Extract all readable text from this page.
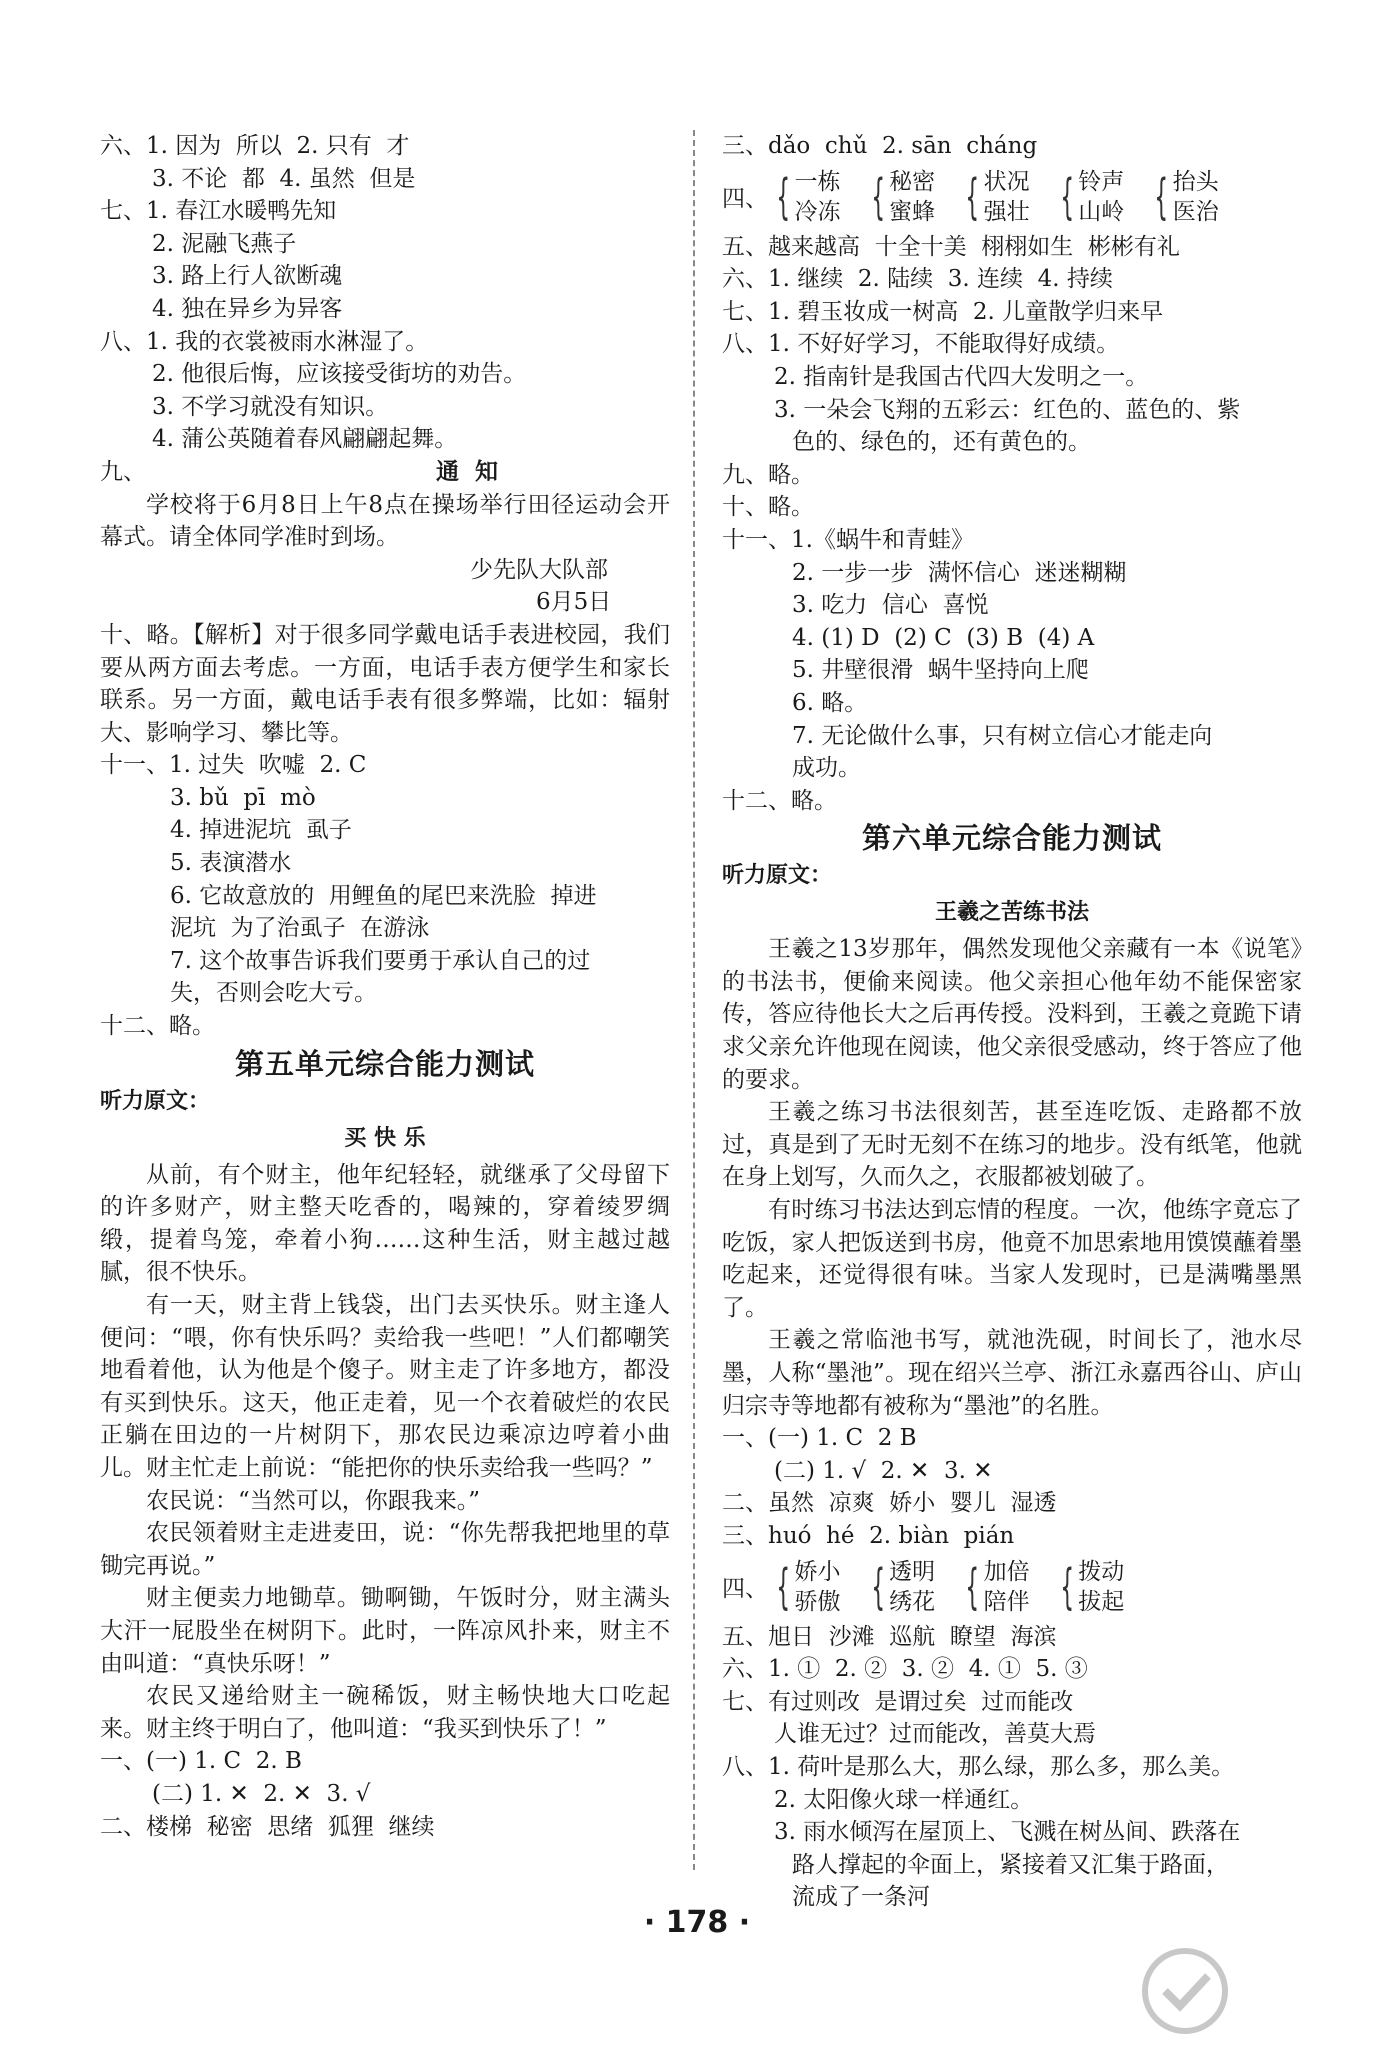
六、1. 因为  所以  2. 只有  才
3. 不论  都  4. 虽然  但是
七、1. 春江水暖鸭先知
2. 泥融飞燕子
3. 路上行人欲断魂
4. 独在异乡为异客
八、1. 我的衣裳被雨水淋湿了。
2. 他很后悔，应该接受街坊的劝告。
3. 不学习就没有知识。
4. 蒲公英随着春风翩翩起舞。
九、	通  知

学校将于6月8日上午8点在操场举行田径运动会开幕式。请全体同学准时到场。

少先队大队部
6月5日

十、略。【解析】对于很多同学戴电话手表进校园，我们要从两方面去考虑。一方面，电话手表方便学生和家长联系。另一方面，戴电话手表有很多弊端，比如：辐射大、影响学习、攀比等。

十一、1. 过失  吹嘘  2. C
3. bǔ  pī  mò
4. 掉进泥坑  虱子
5. 表演潜水
6. 它故意放的  用鲤鱼的尾巴来洗脸  掉进
泥坑  为了治虱子  在游泳
7. 这个故事告诉我们要勇于承认自己的过
失，否则会吃大亏。
十二、略。
第五单元综合能力测试
听力原文：
买 快 乐

从前，有个财主，他年纪轻轻，就继承了父母留下的许多财产，财主整天吃香的，喝辣的，穿着绫罗绸缎，提着鸟笼，牵着小狗……这种生活，财主越过越腻，很不快乐。

有一天，财主背上钱袋，出门去买快乐。财主逢人便问：“喂，你有快乐吗？卖给我一些吧！”人们都嘲笑地看着他，认为他是个傻子。财主走了许多地方，都没有买到快乐。这天，他正走着，见一个衣着破烂的农民正躺在田边的一片树阴下，那农民边乘凉边哼着小曲儿。财主忙走上前说：“能把你的快乐卖给我一些吗？”

农民说：“当然可以，你跟我来。”

农民领着财主走进麦田，说：“你先帮我把地里的草锄完再说。”

财主便卖力地锄草。锄啊锄，午饭时分，财主满头大汗一屁股坐在树阴下。此时，一阵凉风扑来，财主不由叫道：“真快乐呀！”

农民又递给财主一碗稀饭，财主畅快地大口吃起来。财主终于明白了，他叫道：“我买到快乐了！”

一、(一) 1. C  2. B
(二) 1. ✕  2. ✕  3. √
二、楼梯  秘密  思绪  狐狸  继续
三、dǎo  chǔ  2. sān  cháng
四、 { 一栋
冷冻 { 秘密
蜜蜂 { 状况
强壮 { 铃声
山岭 { 抬头
医治
五、越来越高  十全十美  栩栩如生  彬彬有礼
六、1. 继续  2. 陆续  3. 连续  4. 持续
七、1. 碧玉妆成一树高  2. 儿童散学归来早
八、1. 不好好学习，不能取得好成绩。
2. 指南针是我国古代四大发明之一。
3. 一朵会飞翔的五彩云：红色的、蓝色的、紫
色的、绿色的，还有黄色的。
九、略。
十、略。
十一、1.《蜗牛和青蛙》
2. 一步一步  满怀信心  迷迷糊糊
3. 吃力  信心  喜悦
4. (1) D  (2) C  (3) B  (4) A
5. 井壁很滑  蜗牛坚持向上爬
6. 略。
7. 无论做什么事，只有树立信心才能走向
成功。
十二、略。
第六单元综合能力测试
听力原文：
王羲之苦练书法

王羲之13岁那年，偶然发现他父亲藏有一本《说笔》的书法书，便偷来阅读。他父亲担心他年幼不能保密家传，答应待他长大之后再传授。没料到，王羲之竟跪下请求父亲允许他现在阅读，他父亲很受感动，终于答应了他的要求。

王羲之练习书法很刻苦，甚至连吃饭、走路都不放过，真是到了无时无刻不在练习的地步。没有纸笔，他就在身上划写，久而久之，衣服都被划破了。

有时练习书法达到忘情的程度。一次，他练字竟忘了吃饭，家人把饭送到书房，他竟不加思索地用馍馍蘸着墨吃起来，还觉得很有味。当家人发现时，已是满嘴墨黑了。

王羲之常临池书写，就池洗砚，时间长了，池水尽墨，人称“墨池”。现在绍兴兰亭、浙江永嘉西谷山、庐山归宗寺等地都有被称为“墨池”的名胜。

一、(一) 1. C  2 B
(二) 1. √  2. ✕  3. ✕
二、虽然  凉爽  娇小  婴儿  湿透
三、huó  hé  2. biàn  pián
四、 { 娇小
骄傲 { 透明
绣花 { 加倍
陪伴 { 拨动
拔起
五、旭日  沙滩  巡航  瞭望  海滨
六、1. ①  2. ②  3. ②  4. ①  5. ③
七、有过则改  是谓过矣  过而能改
人谁无过？过而能改，善莫大焉
八、1. 荷叶是那么大，那么绿，那么多，那么美。
2. 太阳像火球一样通红。
3. 雨水倾泻在屋顶上、飞溅在树丛间、跌落在
路人撑起的伞面上，紧接着又汇集于路面，
流成了一条河
· 178 ·
